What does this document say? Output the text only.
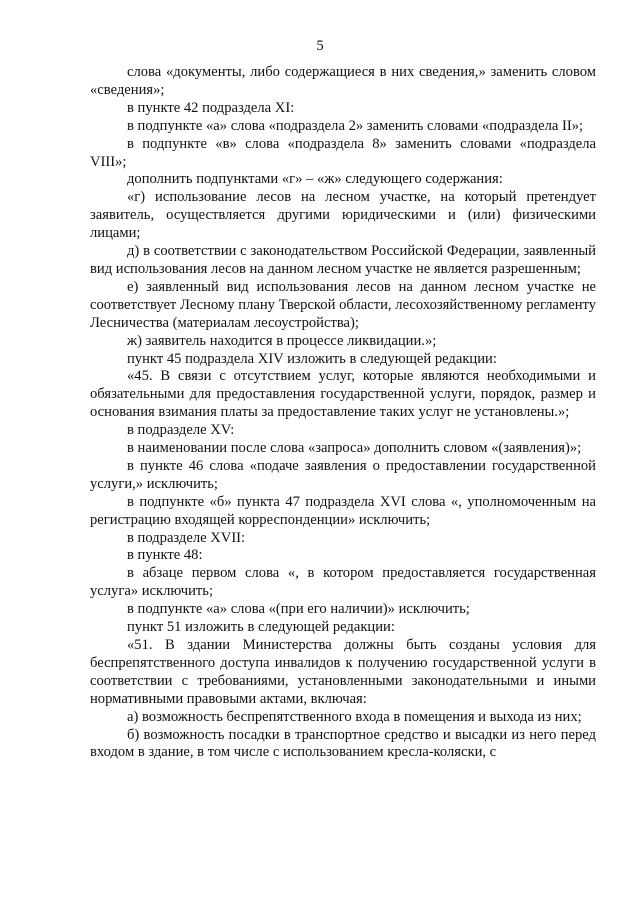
5

слова «документы, либо содержащиеся в них сведения,» заменить словом «сведения»;

в пункте 42 подраздела XI:

в подпункте «а» слова «подраздела 2» заменить словами «подраздела II»;

в подпункте «в» слова «подраздела 8» заменить словами «подраздела VIII»;

дополнить подпунктами «г» – «ж» следующего содержания:

«г) использование лесов на лесном участке, на который претендует заявитель, осуществляется другими юридическими и (или) физическими лицами;

д) в соответствии с законодательством Российской Федерации, заявленный вид использования лесов на данном лесном участке не является разрешенным;

е) заявленный вид использования лесов на данном лесном участке не соответствует Лесному плану Тверской области, лесохозяйственному регламенту Лесничества (материалам лесоустройства);

ж) заявитель находится в процессе ликвидации.»;

пункт 45 подраздела XIV изложить в следующей редакции:

«45. В связи с отсутствием услуг, которые являются необходимыми и обязательными для предоставления государственной услуги, порядок, размер и основания взимания платы за предоставление таких услуг не установлены.»;

в подразделе XV:

в наименовании после слова «запроса» дополнить словом «(заявления)»;

в пункте 46 слова «подаче заявления о предоставлении государственной услуги,» исключить;

в подпункте «б» пункта 47 подраздела XVI слова «, уполномоченным на регистрацию входящей корреспонденции» исключить;

в подразделе XVII:

в пункте 48:

в абзаце первом слова «, в котором предоставляется государственная услуга» исключить;

в подпункте «а» слова «(при его наличии)» исключить;

пункт 51 изложить в следующей редакции:

«51. В здании Министерства должны быть созданы условия для беспрепятственного доступа инвалидов к получению государственной услуги в соответствии с требованиями, установленными законодательными и иными нормативными правовыми актами, включая:

а) возможность беспрепятственного входа в помещения и выхода из них;

б) возможность посадки в транспортное средство и высадки из него перед входом в здание, в том числе с использованием кресла-коляски, с
